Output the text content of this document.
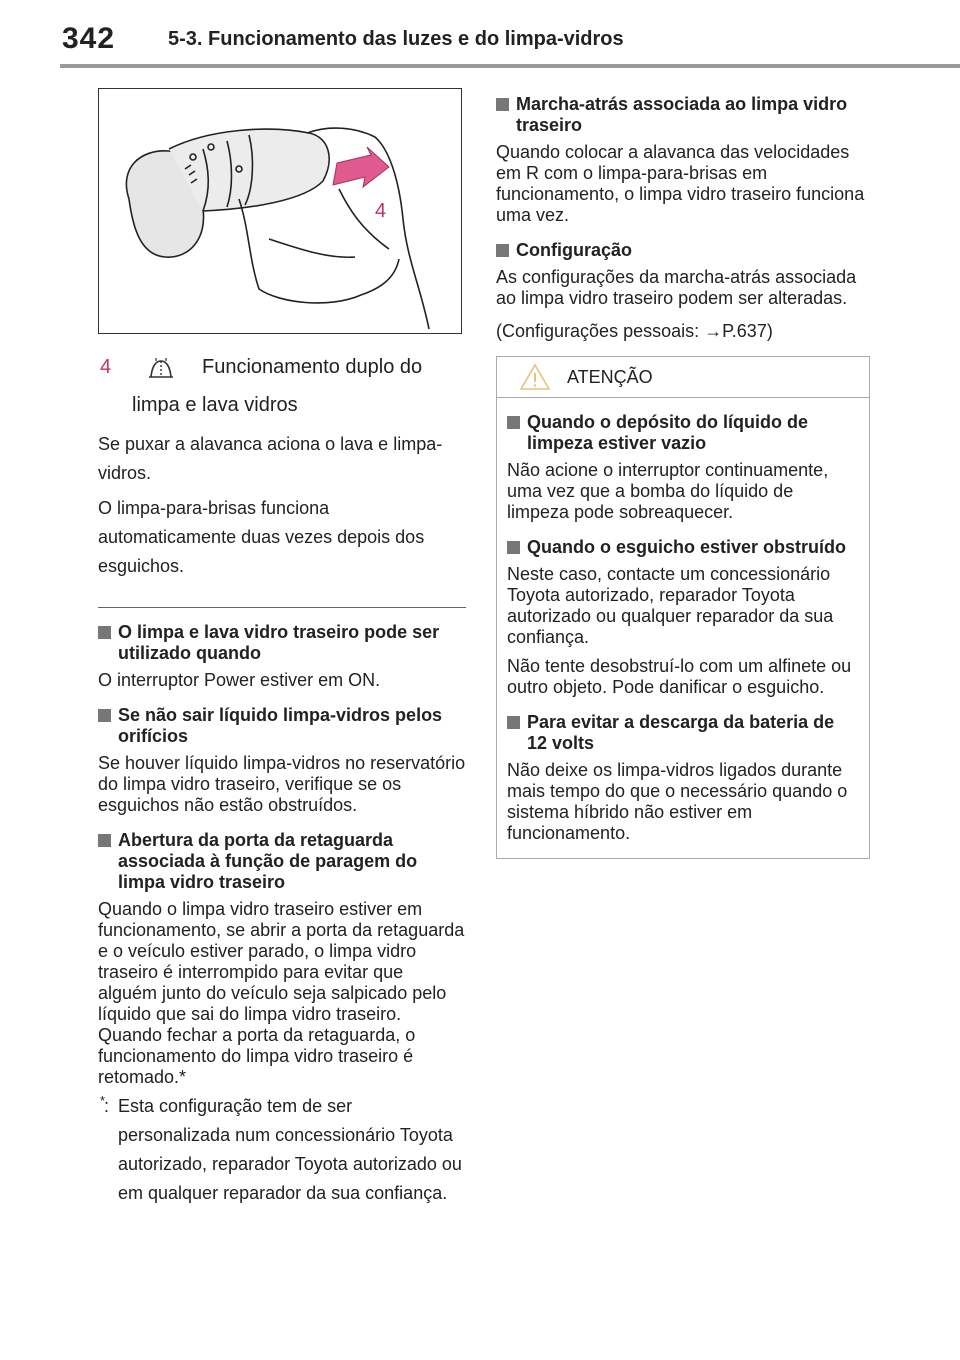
342	5-3. Funcionamento das luzes e do limpa-vidros
4
4	Funcionamento duplo do
limpa e lava vidros

Se puxar a alavanca aciona o lava e limpa-vidros.

O limpa-para-brisas funciona automaticamente duas vezes depois dos esguichos.

O limpa e lava vidro traseiro pode ser utilizado quando

O interruptor Power estiver em ON.

Se não sair líquido limpa-vidros pelos orifícios

Se houver líquido limpa-vidros no reservatório do limpa vidro traseiro, verifique se os esguichos não estão obstruídos.

Abertura da porta da retaguarda associada à função de paragem do limpa vidro traseiro

Quando o limpa vidro traseiro estiver em funcionamento, se abrir a porta da retaguarda e o veículo estiver parado, o limpa vidro traseiro é interrompido para evitar que alguém junto do veículo seja salpicado pelo líquido que sai do limpa vidro traseiro. Quando fechar a porta da retaguarda, o funcionamento do limpa vidro traseiro é retomado.*

*
: Esta configuração tem de ser personalizada num concessionário Toyota autorizado, reparador Toyota autorizado ou em qualquer reparador da sua confiança.
Marcha-atrás associada ao limpa vidro traseiro

Quando colocar a alavanca das velocidades em R com o limpa-para-brisas em funcionamento, o limpa vidro traseiro funciona uma vez.

Configuração

As configurações da marcha-atrás associada ao limpa vidro traseiro podem ser alteradas.

(Configurações pessoais: →P.637)

ATENÇÃO
Quando o depósito do líquido de limpeza estiver vazio

Não acione o interruptor continuamente, uma vez que a bomba do líquido de limpeza pode sobreaquecer.

Quando o esguicho estiver obstruído

Neste caso, contacte um concessionário Toyota autorizado, reparador Toyota autorizado ou qualquer reparador da sua confiança.

Não tente desobstruí-lo com um alfinete ou outro objeto. Pode danificar o esguicho.

Para evitar a descarga da bateria de 12 volts

Não deixe os limpa-vidros ligados durante mais tempo do que o necessário quando o sistema híbrido não estiver em funcionamento.
